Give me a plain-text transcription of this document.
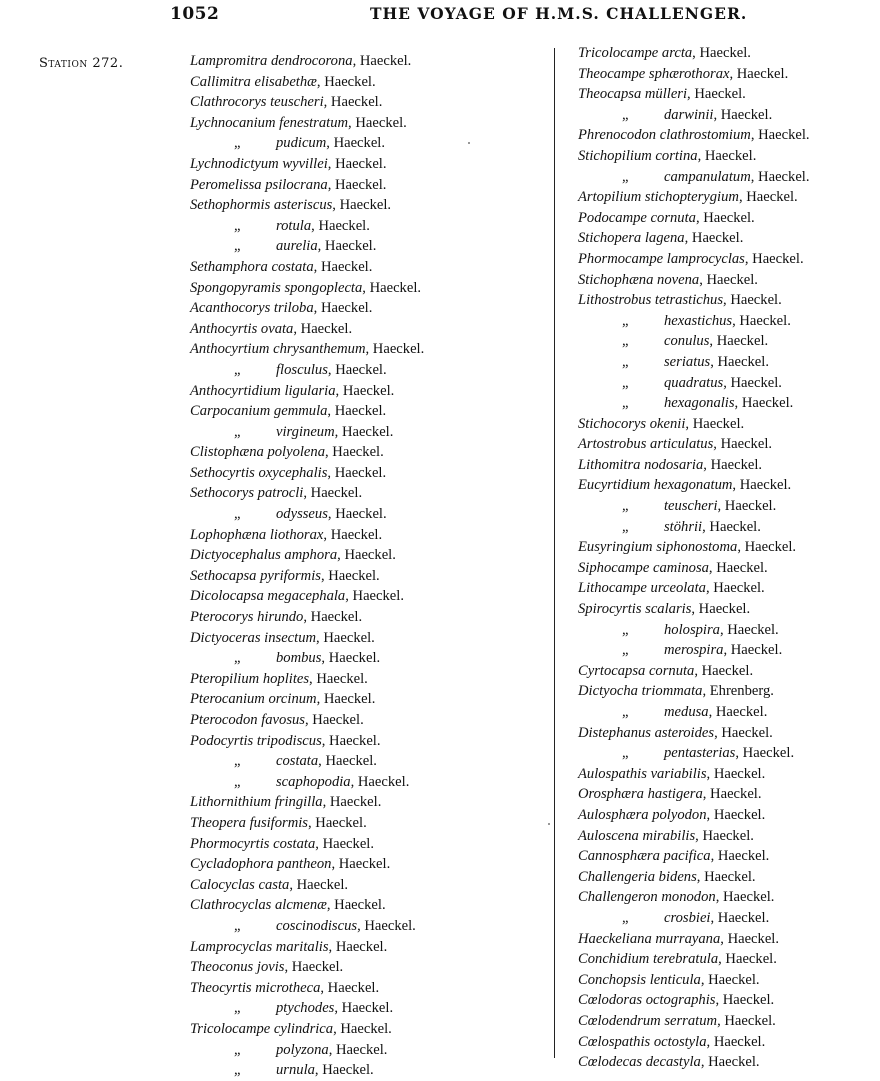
1052	THE VOYAGE OF H.M.S. CHALLENGER.
Station 272.	Lampromitra dendrocorona, Haeckel.
Callimitra elisabethæ, Haeckel.
Clathrocorys teuscheri, Haeckel.
Lychnocanium fenestratum, Haeckel.
„ pudicum, Haeckel.
Lychnodictyum wyvillei, Haeckel.
Peromelissa psilocrana, Haeckel.
Sethophormis asteriscus, Haeckel.
„ rotula, Haeckel.
„ aurelia, Haeckel.
Sethamphora costata, Haeckel.
Spongopyramis spongoplecta, Haeckel.
Acanthocorys triloba, Haeckel.
Anthocyrtis ovata, Haeckel.
Anthocyrtium chrysanthemum, Haeckel.
„ flosculus, Haeckel.
Anthocyrtidium ligularia, Haeckel.
Carpocanium gemmula, Haeckel.
„ virgineum, Haeckel.
Clistophæna polyolena, Haeckel.
Sethocyrtis oxycephalis, Haeckel.
Sethocorys patrocli, Haeckel.
„ odysseus, Haeckel.
Lophophæna liothorax, Haeckel.
Dictyocephalus amphora, Haeckel.
Sethocapsa pyriformis, Haeckel.
Dicolocapsa megacephala, Haeckel.
Pterocorys hirundo, Haeckel.
Dictyoceras insectum, Haeckel.
„ bombus, Haeckel.
Pteropilium hoplites, Haeckel.
Pterocanium orcinum, Haeckel.
Pterocodon favosus, Haeckel.
Podocyrtis tripodiscus, Haeckel.
„ costata, Haeckel.
„ scaphopodia, Haeckel.
Lithornithium fringilla, Haeckel.
Theopera fusiformis, Haeckel.
Phormocyrtis costata, Haeckel.
Cycladophora pantheon, Haeckel.
Calocyclas casta, Haeckel.
Clathrocyclas alcmenæ, Haeckel.
„ coscinodiscus, Haeckel.
Lamprocyclas maritalis, Haeckel.
Theoconus jovis, Haeckel.
Theocyrtis microtheca, Haeckel.
„ ptychodes, Haeckel.
Tricolocampe cylindrica, Haeckel.
„ polyzona, Haeckel.
„ urnula, Haeckel.
Tricolocampe arcta, Haeckel.
Theocampe sphærothorax, Haeckel.
Theocapsa mülleri, Haeckel.
„ darwinii, Haeckel.
Phrenocodon clathrostomium, Haeckel.
Stichopilium cortina, Haeckel.
„ campanulatum, Haeckel.
Artopilium stichopterygium, Haeckel.
Podocampe cornuta, Haeckel.
Stichopera lagena, Haeckel.
Phormocampe lamprocyclas, Haeckel.
Stichophæna novena, Haeckel.
Lithostrobus tetrastichus, Haeckel.
„ hexastichus, Haeckel.
„ conulus, Haeckel.
„ seriatus, Haeckel.
„ quadratus, Haeckel.
„ hexagonalis, Haeckel.
Stichocorys okenii, Haeckel.
Artostrobus articulatus, Haeckel.
Lithomitra nodosaria, Haeckel.
Eucyrtidium hexagonatum, Haeckel.
„ teuscheri, Haeckel.
„ stöhrii, Haeckel.
Eusyringium siphonostoma, Haeckel.
Siphocampe caminosa, Haeckel.
Lithocampe urceolata, Haeckel.
Spirocyrtis scalaris, Haeckel.
„ holospira, Haeckel.
„ merospira, Haeckel.
Cyrtocapsa cornuta, Haeckel.
Dictyocha triommata, Ehrenberg.
„ medusa, Haeckel.
Distephanus asteroides, Haeckel.
„ pentasterias, Haeckel.
Aulospathis variabilis, Haeckel.
Orosphæra hastigera, Haeckel.
Aulosphæra polyodon, Haeckel.
Auloscena mirabilis, Haeckel.
Cannosphæra pacifica, Haeckel.
Challengeria bidens, Haeckel.
Challengeron monodon, Haeckel.
„ crosbiei, Haeckel.
Haeckeliana murrayana, Haeckel.
Conchidium terebratula, Haeckel.
Conchopsis lenticula, Haeckel.
Cœlodoras octographis, Haeckel.
Cœlodendrum serratum, Haeckel.
Cœlospathis octostyla, Haeckel.
Cœlodecas decastyla, Haeckel.
